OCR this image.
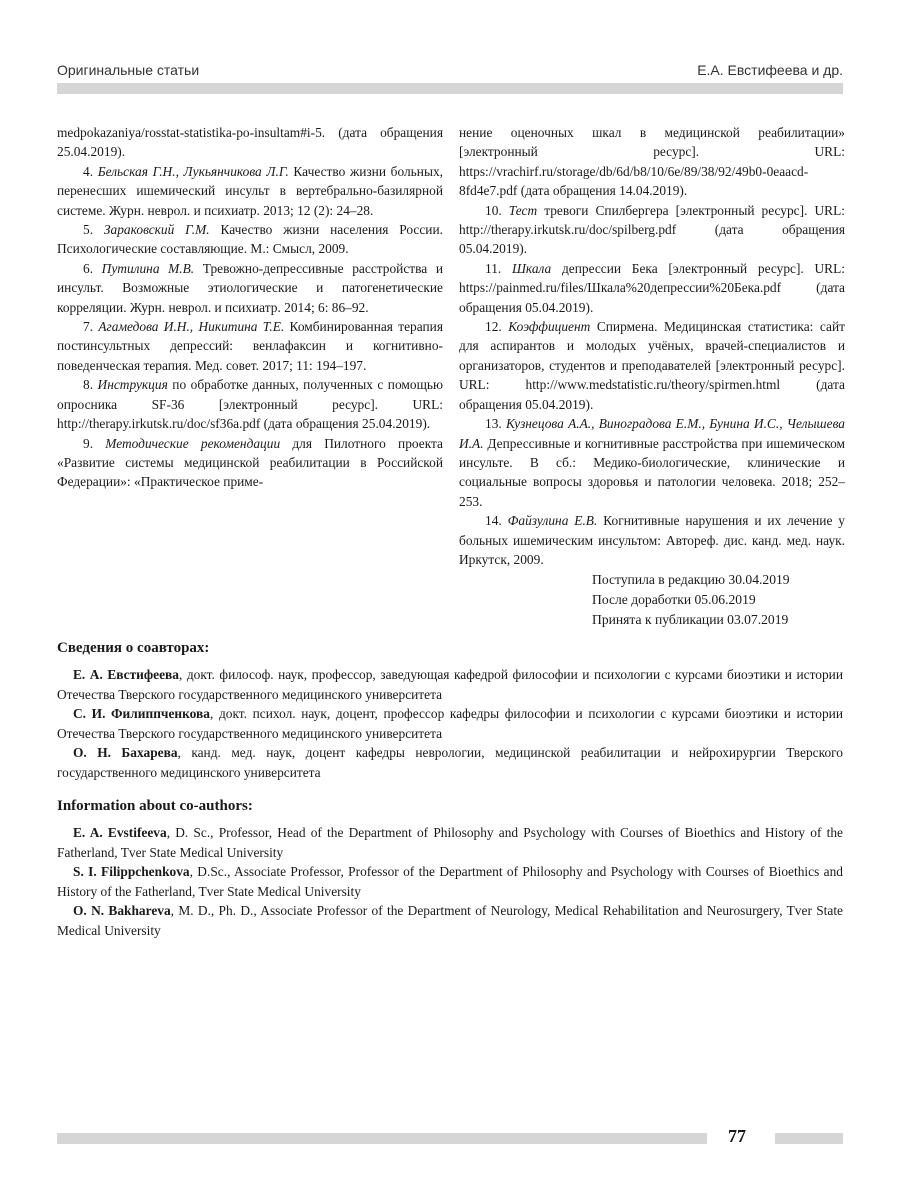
Оригинальные статьи	Е.А. Евстифеева и др.

medpokazaniya/rosstat-statistika-po-insultam#i-5. (дата обращения 25.04.2019).

4. Бельская Г.Н., Лукьянчикова Л.Г. Качество жизни больных, перенесших ишемический инсульт в вертебрально-базилярной системе. Журн. неврол. и психиатр. 2013; 12 (2): 24–28.

5. Зараковский Г.М. Качество жизни населения России. Психологические составляющие. М.: Смысл, 2009.

6. Путилина М.В. Тревожно-депрессивные расстройства и инсульт. Возможные этиологические и патогенетические корреляции. Журн. неврол. и психиатр. 2014; 6: 86–92.

7. Агамедова И.Н., Никитина Т.Е. Комбинированная терапия постинсультных депрессий: венлафаксин и когнитивно-поведенческая терапия. Мед. совет. 2017; 11: 194–197.

8. Инструкция по обработке данных, полученных с помощью опросника SF-36 [электронный ресурс]. URL: http://therapy.irkutsk.ru/doc/sf36a.pdf (дата обращения 25.04.2019).

9. Методические рекомендации для Пилотного проекта «Развитие системы медицинской реабилитации в Российской Федерации»: «Практическое приме-

нение оценочных шкал в медицинской реабилитации» [электронный ресурс]. URL: https://vrachirf.ru/storage/db/6d/b8/10/6e/89/38/92/49b0-0eaacd-8fd4e7.pdf (дата обращения 14.04.2019).

10. Тест тревоги Спилбергера [электронный ресурс]. URL: http://therapy.irkutsk.ru/doc/spilberg.pdf (дата обращения 05.04.2019).

11. Шкала депрессии Бека [электронный ресурс]. URL: https://painmed.ru/files/Шкала%20депрессии%20Бека.pdf (дата обращения 05.04.2019).

12. Коэффициент Спирмена. Медицинская статистика: сайт для аспирантов и молодых учёных, врачей-специалистов и организаторов, студентов и преподавателей [электронный ресурс]. URL: http://www.medstatistic.ru/theory/spirmen.html (дата обращения 05.04.2019).

13. Кузнецова А.А., Виноградова Е.М., Бунина И.С., Челышева И.А. Депрессивные и когнитивные расстройства при ишемическом инсульте. В сб.: Медико-биологические, клинические и социальные вопросы здоровья и патологии человека. 2018; 252–253.

14. Файзулина Е.В. Когнитивные нарушения и их лечение у больных ишемическим инсультом: Автореф. дис. канд. мед. наук. Иркутск, 2009.

Поступила в редакцию 30.04.2019
После доработки 05.06.2019
Принята к публикации 03.07.2019
Сведения о соавторах:

Е. А. Евстифеева, докт. философ. наук, профессор, заведующая кафедрой философии и психологии с курсами биоэтики и истории Отечества Тверского государственного медицинского университета

С. И. Филиппченкова, докт. психол. наук, доцент, профессор кафедры философии и психологии с курсами биоэтики и истории Отечества Тверского государственного медицинского университета

О. Н. Бахарева, канд. мед. наук, доцент кафедры неврологии, медицинской реабилитации и нейрохирургии Тверского государственного медицинского университета

Information about co-authors:

E. A. Evstifeeva, D. Sc., Professor, Head of the Department of Philosophy and Psychology with Courses of Bioethics and History of the Fatherland, Tver State Medical University

S. I. Filippchenkova, D.Sc., Associate Professor, Professor of the Department of Philosophy and Psychology with Courses of Bioethics and History of the Fatherland, Tver State Medical University

O. N. Bakhareva, M. D., Ph. D., Associate Professor of the Department of Neurology, Medical Rehabilitation and Neurosurgery, Tver State Medical University

77
